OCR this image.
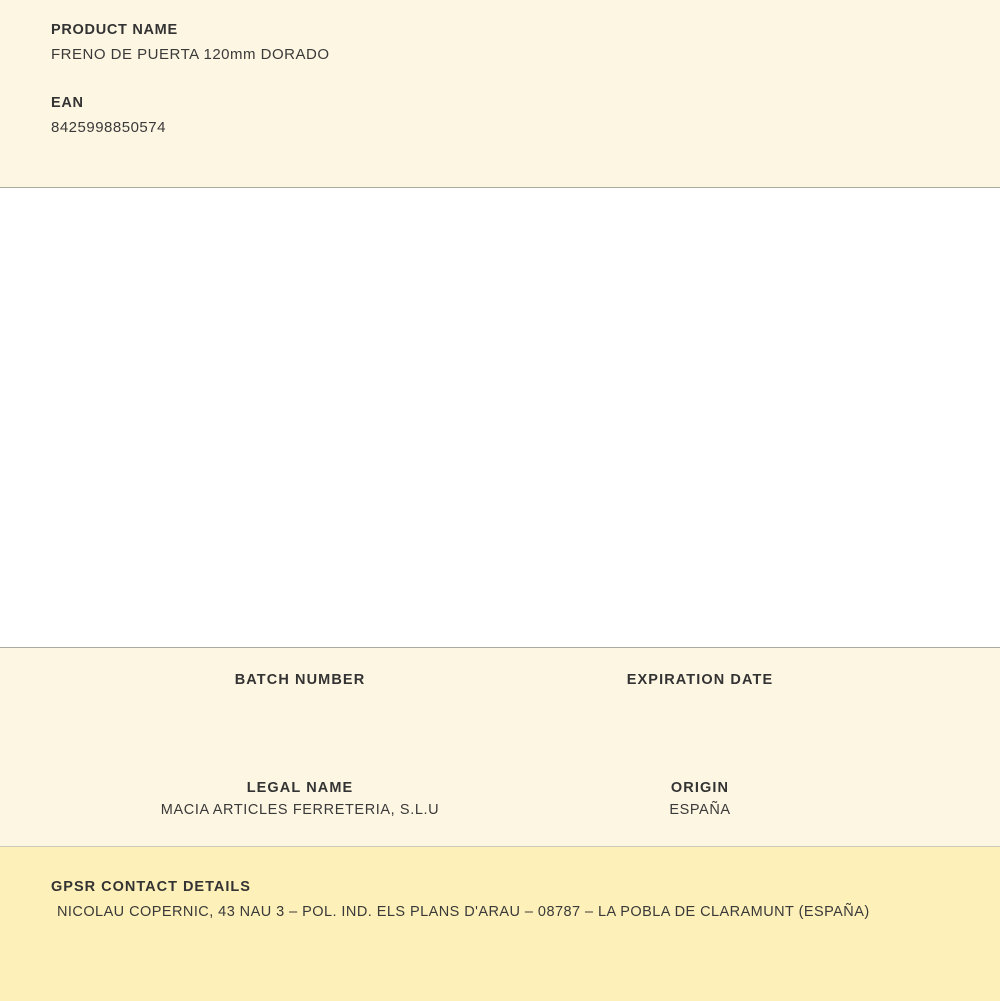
PRODUCT NAME

FRENO DE PUERTA 120mm DORADO

EAN

8425998850574

BATCH NUMBER	EXPIRATION DATE

LEGAL NAME

MACIA ARTICLES FERRETERIA, S.L.U

ORIGIN

ESPAÑA

GPSR CONTACT DETAILS

NICOLAU COPERNIC, 43 NAU 3 – POL. IND. ELS PLANS D'ARAU – 08787 – LA POBLA DE CLARAMUNT (ESPAÑA)
